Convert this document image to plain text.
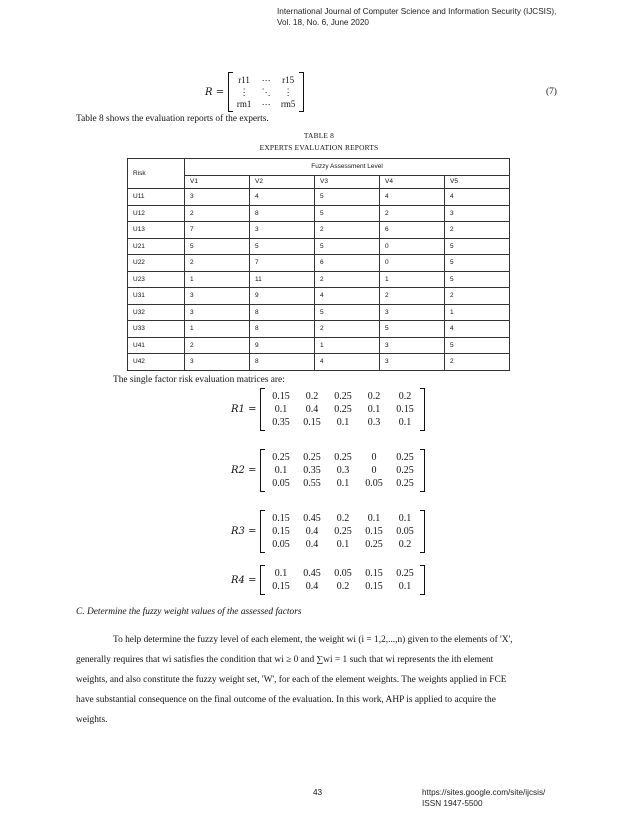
International Journal of Computer Science and Information Security (IJCSIS),
Vol. 18, No. 6, June 2020
R =
r11	⋯	r15
⋮	⋱	⋮
rm1	⋯	rm5
(7)
Table 8 shows the evaluation reports of the experts.
TABLE 8
EXPERTS EVALUATION REPORTS
Risk	Fuzzy Assessment Level				
	V1	V2	V3	V4	V5
U11	3	4	5	4	4
U12	2	8	5	2	3
U13	7	3	2	6	2
U21	5	5	5	0	5
U22	2	7	6	0	5
U23	1	11	2	1	5
U31	3	9	4	2	2
U32	3	8	5	3	1
U33	1	8	2	5	4
U41	2	9	1	3	5
U42	3	8	4	3	2
The single factor risk evaluation matrices are:
R1 =
0.15	0.2	0.25	0.2	0.2
0.1	0.4	0.25	0.1	0.15
0.35	0.15	0.1	0.3	0.1
R2 =
0.25	0.25	0.25	0	0.25
0.1	0.35	0.3	0	0.25
0.05	0.55	0.1	0.05	0.25
R3 =
0.15	0.45	0.2	0.1	0.1
0.15	0.4	0.25	0.15	0.05
0.05	0.4	0.1	0.25	0.2
R4 =
0.1	0.45	0.05	0.15	0.25
0.15	0.4	0.2	0.15	0.1
C. Determine the fuzzy weight values of the assessed factors
To help determine the fuzzy level of each element, the weight wi (i = 1,2,...,n) given to the elements of 'X',
generally requires that wi satisfies the condition that wi ≥ 0 and ∑wi = 1 such that wi represents the ith element
weights, and also constitute the fuzzy weight set, 'W', for each of the element weights. The weights applied in FCE
have substantial consequence on the final outcome of the evaluation. In this work, AHP is applied to acquire the
weights.
43	https://sites.google.com/site/ijcsis/
ISSN 1947-5500
